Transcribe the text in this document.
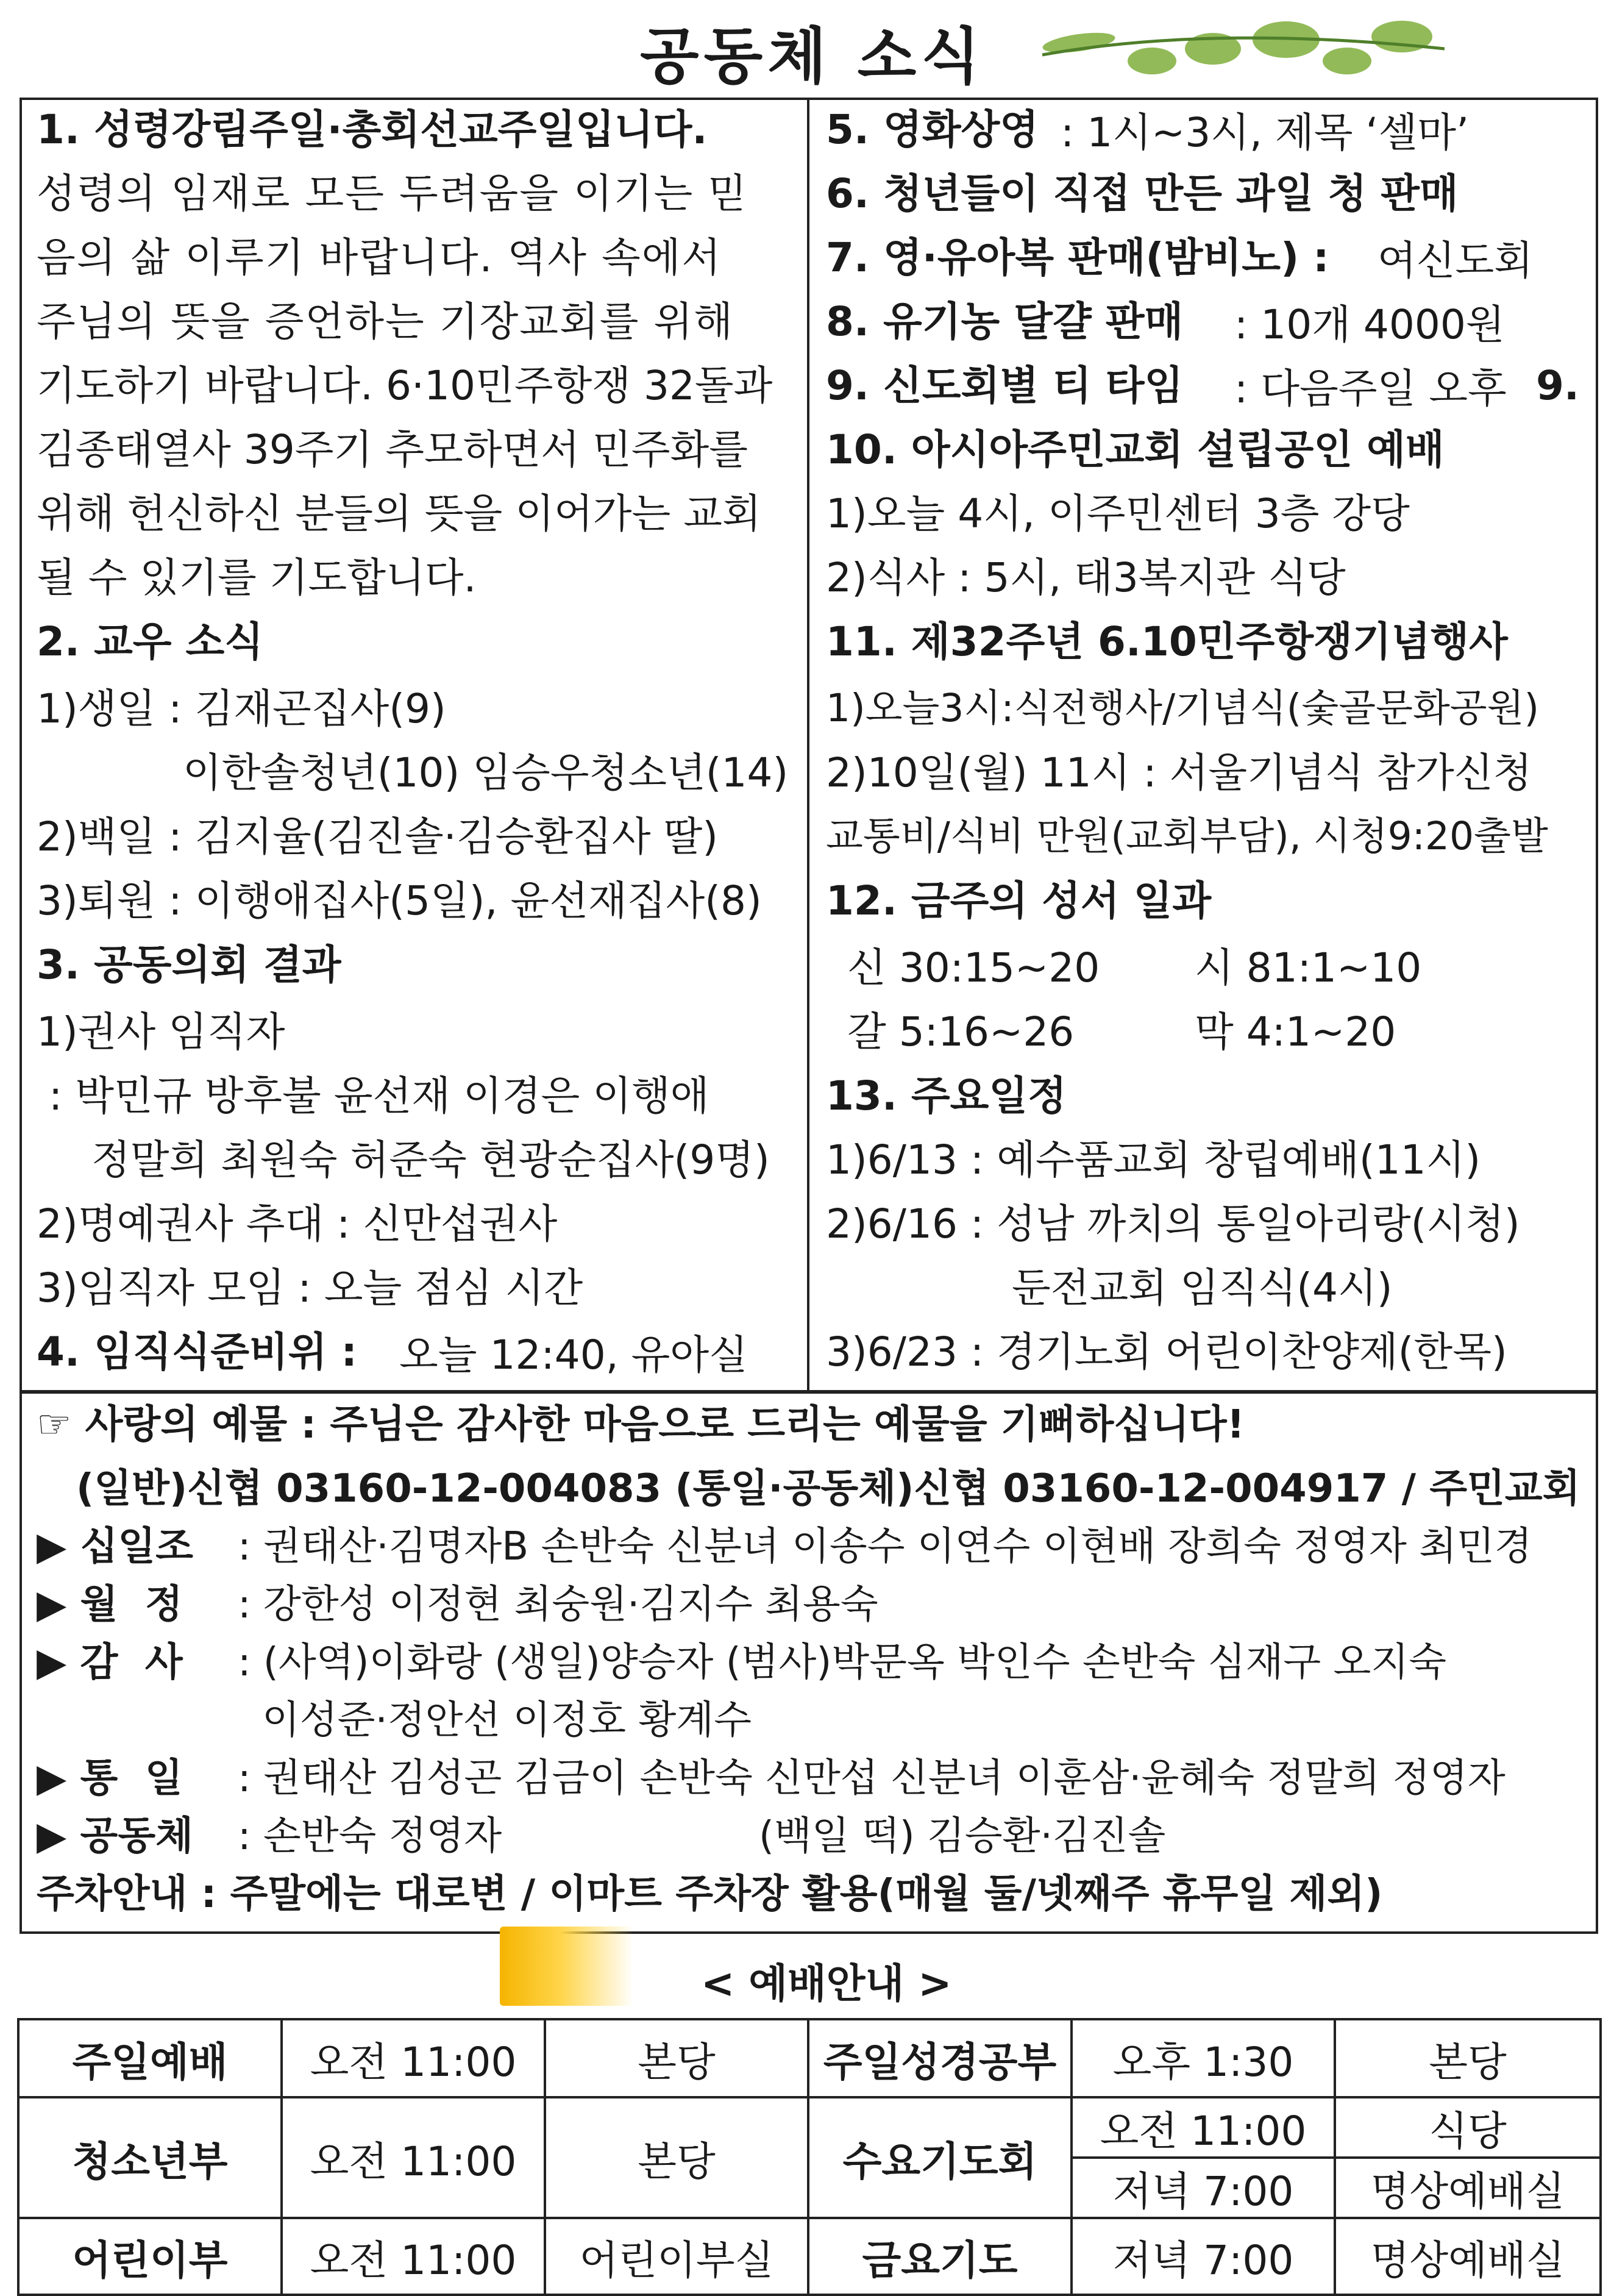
공동체 소식
1. 성령강림주일·총회선교주일입니다.
성령의 임재로 모든 두려움을 이기는 믿
음의 삶 이루기 바랍니다. 역사 속에서
주님의 뜻을 증언하는 기장교회를 위해
기도하기 바랍니다. 6·10민주항쟁 32돌과
김종태열사 39주기 추모하면서 민주화를
위해 헌신하신 분들의 뜻을 이어가는 교회
될 수 있기를 기도합니다.
2. 교우 소식
1)생일 : 김재곤집사(9)
이한솔청년(10) 임승우청소년(14)
2)백일 : 김지율(김진솔·김승환집사 딸)
3)퇴원 : 이행애집사(5일), 윤선재집사(8)
3. 공동의회 결과
1)권사 임직자
: 박민규 방후불 윤선재 이경은 이행애
정말희 최원숙 허준숙 현광순집사(9명)
2)명예권사 추대 : 신만섭권사
3)임직자 모임 : 오늘 점심 시간
4. 임직식준비위 : 오늘 12:40, 유아실
5. 영화상영 : 1시~3시, 제목 ‘셀마’
6. 청년들이 직접 만든 과일 청 판매
7. 영·유아복 판매(밤비노) : 여신도회
8. 유기농 달걀 판매 : 10개 4000원
9. 신도회별 티 타임 : 다음주일 오후 9.
10. 아시아주민교회 설립공인 예배
1)오늘 4시, 이주민센터 3층 강당
2)식사 : 5시, 태3복지관 식당
11. 제32주년 6.10민주항쟁기념행사
1)오늘3시:식전행사/기념식(숯골문화공원)
2)10일(월) 11시 : 서울기념식 참가신청
교통비/식비 만원(교회부담), 시청9:20출발
12. 금주의 성서 일과
신 30:15~20 시 81:1~10
갈 5:16~26	막 4:1~20
13. 주요일정
1)6/13 : 예수품교회 창립예배(11시)
2)6/16 : 성남 까치의 통일아리랑(시청)
둔전교회 임직식(4시)
3)6/23 : 경기노회 어린이찬양제(한목)
☞ 사랑의 예물 : 주님은 감사한 마음으로 드리는 예물을 기뻐하십니다!
(일반)신협 03160-12-004083 (통일·공동체)신협 03160-12-004917 / 주민교회
▶ 십일조 : 권태산·김명자B 손반숙 신분녀 이송수 이연수 이현배 장희숙 정영자 최민경
▶ 월  정 : 강한성 이정현 최숭원·김지수 최용숙
▶ 감  사 : (사역)이화랑 (생일)양승자 (범사)박문옥 박인수 손반숙 심재구 오지숙
이성준·정안선 이정호 황계수
▶ 통  일 : 권태산 김성곤 김금이 손반숙 신만섭 신분녀 이훈삼·윤혜숙 정말희 정영자
▶ 공동체 : 손반숙 정영자	(백일 떡) 김승환·김진솔
주차안내 : 주말에는 대로변 / 이마트 주차장 활용(매월 둘/넷째주 휴무일 제외)
< 예배안내 >
주일예배	오전 11:00	본당	주일성경공부	오후 1:30	본당
청소년부	오전 11:00	본당	수요기도회	오전 11:00	식당
				저녁 7:00	명상예배실
어린이부	오전 11:00	어린이부실	금요기도	저녁 7:00	명상예배실
